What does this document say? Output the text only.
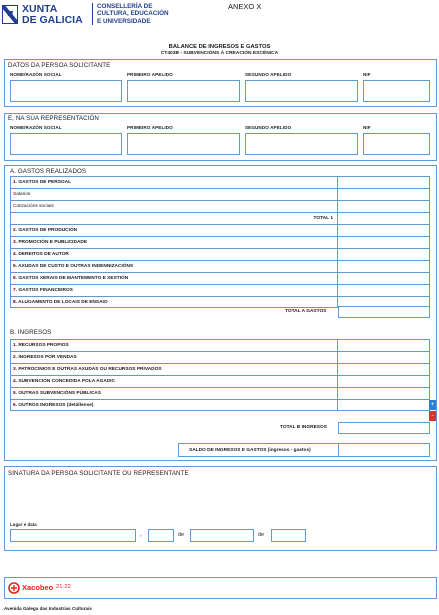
XUNTA
DE GALICIA
CONSELLERÍA DE
CULTURA, EDUCACIÓN
E UNIVERSIDADE
ANEXO X
BALANCE DE INGRESOS E GASTOS
CT403B - SUBVENCIÓNS Á CREACIÓN ESCÉNICA
DATOS DA PERSOA SOLICITANTE
NOME/RAZÓN SOCIAL	PRIMEIRO APELIDO	SEGUNDO APELIDO	NIF
E, NA SÚA REPRESENTACIÓN
NOME/RAZÓN SOCIAL	PRIMEIRO APELIDO	SEGUNDO APELIDO	NIF
A. GASTOS REALIZADOS
1. GASTOS DE PERSOAL
Salarios
Cotizacións sociais
TOTAL 1
2. GASTOS DE PRODUCIÓN
3. PROMOCIÓN E PUBLICIDADE
4. DEREITOS DE AUTOR
5. AXUDAS DE CUSTO E OUTRAS INDENNIZACIÓNS
6. GASTOS XERAIS DE MANTEMENTO E XESTIÓN
7. GASTOS FINANCEIROS
8. ALUGAMENTO DE LOCAIS DE ENSAIO
TOTAL A GASTOS
B. INGRESOS
1. RECURSOS PROPIOS
2. INGRESOS POR VENDAS
3. PATROCINIOS E OUTRAS AXUDAS OU RECURSOS PRIVADOS
4. SUBVENCIÓN CONCEDIDA POLA AGADIC
5. OUTRAS SUBVENCIÓNS PÚBLICAS
6. OUTROS INGRESOS (detállense)	+
-
TOTAL B INGRESOS
SALDO DE INGRESOS E GASTOS (ingresos - gastos)
SINATURA DA PERSOA SOLICITANTE OU REPRESENTANTE
Lugar e data
,	de	de
Xacobeo 21·22
Avenida Galega das Industrias Culturais
